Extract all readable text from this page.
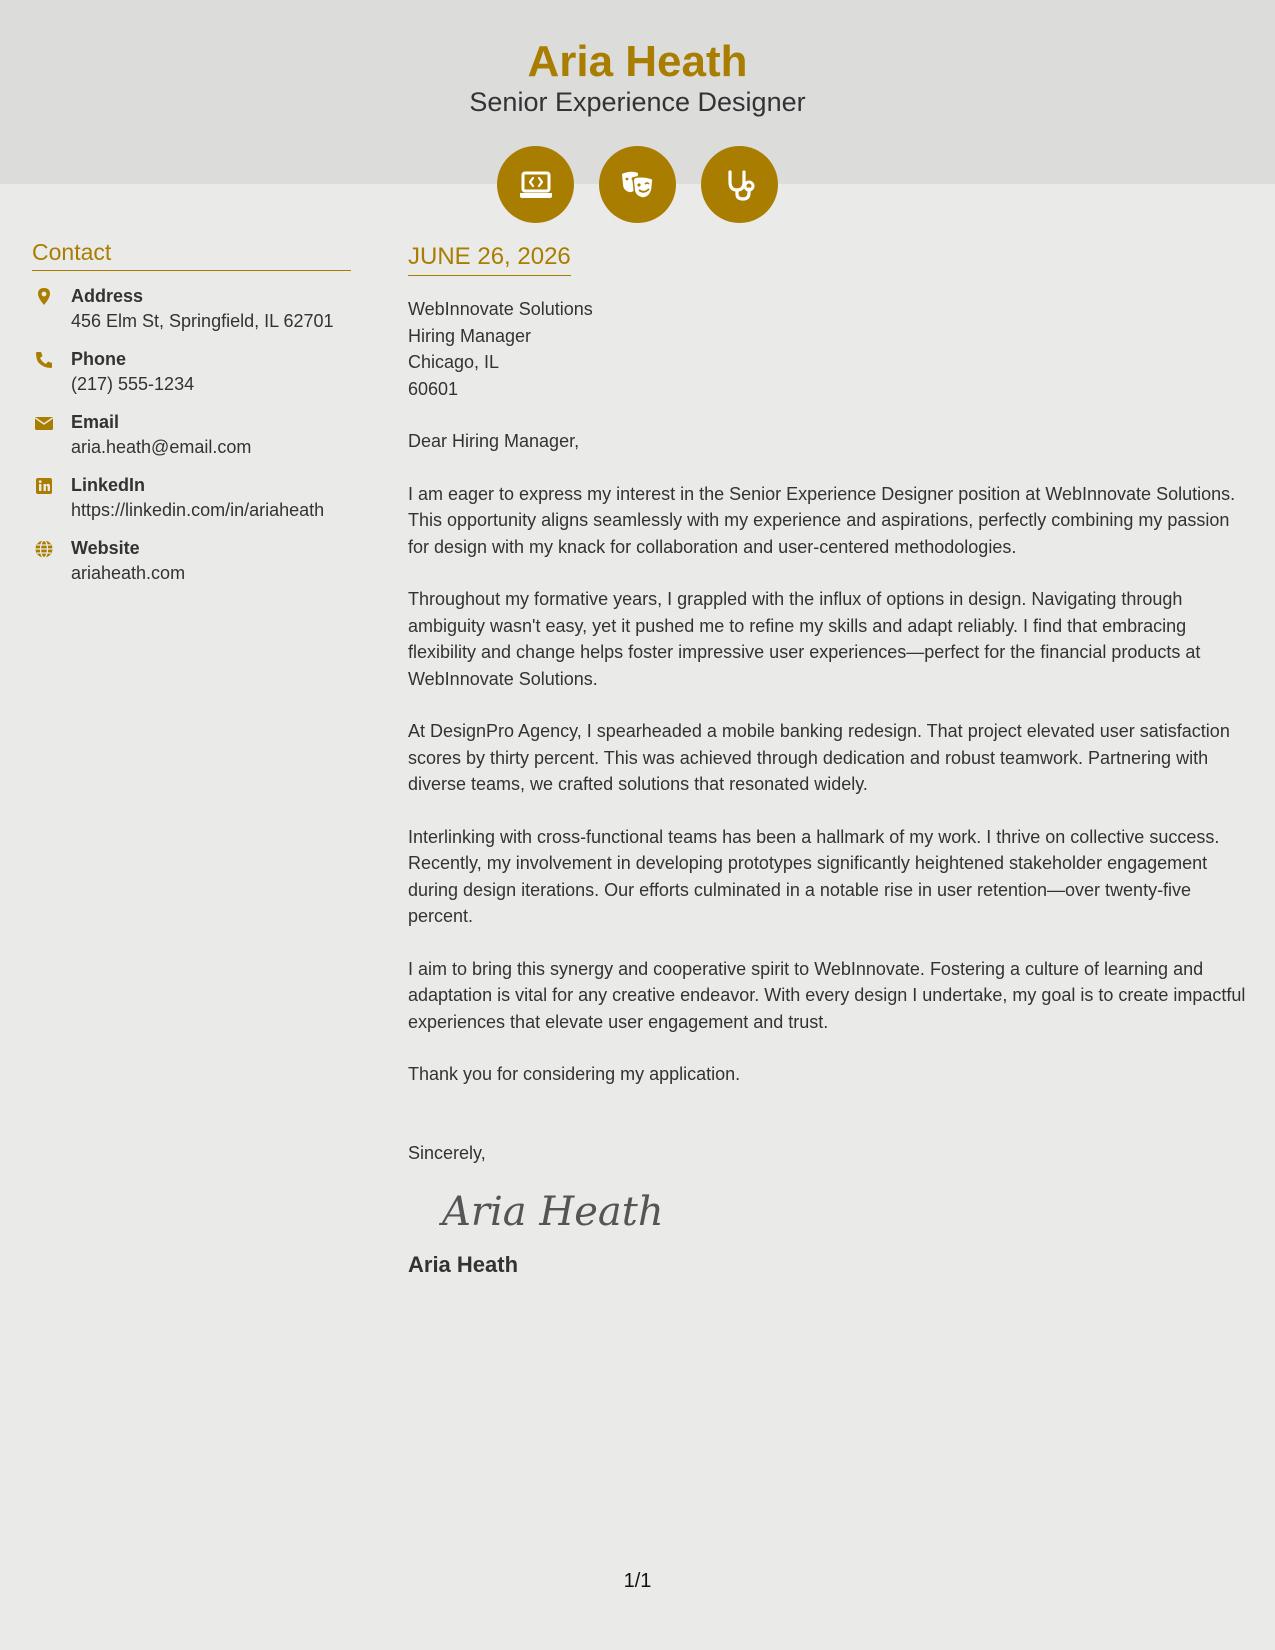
Aria Heath
Senior Experience Designer
Contact
Address
456 Elm St, Springfield, IL 62701
Phone
(217) 555-1234
Email
aria.heath@email.com
LinkedIn
https://linkedin.com/in/ariaheath
Website
ariaheath.com
JUNE 26, 2026
WebInnovate Solutions
Hiring Manager
Chicago, IL
60601
Dear Hiring Manager,
I am eager to express my interest in the Senior Experience Designer position at WebInnovate Solutions. This opportunity aligns seamlessly with my experience and aspirations, perfectly combining my passion for design with my knack for collaboration and user-centered methodologies.
Throughout my formative years, I grappled with the influx of options in design. Navigating through ambiguity wasn't easy, yet it pushed me to refine my skills and adapt reliably. I find that embracing flexibility and change helps foster impressive user experiences—perfect for the financial products at WebInnovate Solutions.
At DesignPro Agency, I spearheaded a mobile banking redesign. That project elevated user satisfaction scores by thirty percent. This was achieved through dedication and robust teamwork. Partnering with diverse teams, we crafted solutions that resonated widely.
Interlinking with cross-functional teams has been a hallmark of my work. I thrive on collective success. Recently, my involvement in developing prototypes significantly heightened stakeholder engagement during design iterations. Our efforts culminated in a notable rise in user retention—over twenty-five percent.
I aim to bring this synergy and cooperative spirit to WebInnovate. Fostering a culture of learning and adaptation is vital for any creative endeavor. With every design I undertake, my goal is to create impactful experiences that elevate user engagement and trust.
Thank you for considering my application.
Sincerely,
Aria Heath
Aria Heath
1/1
